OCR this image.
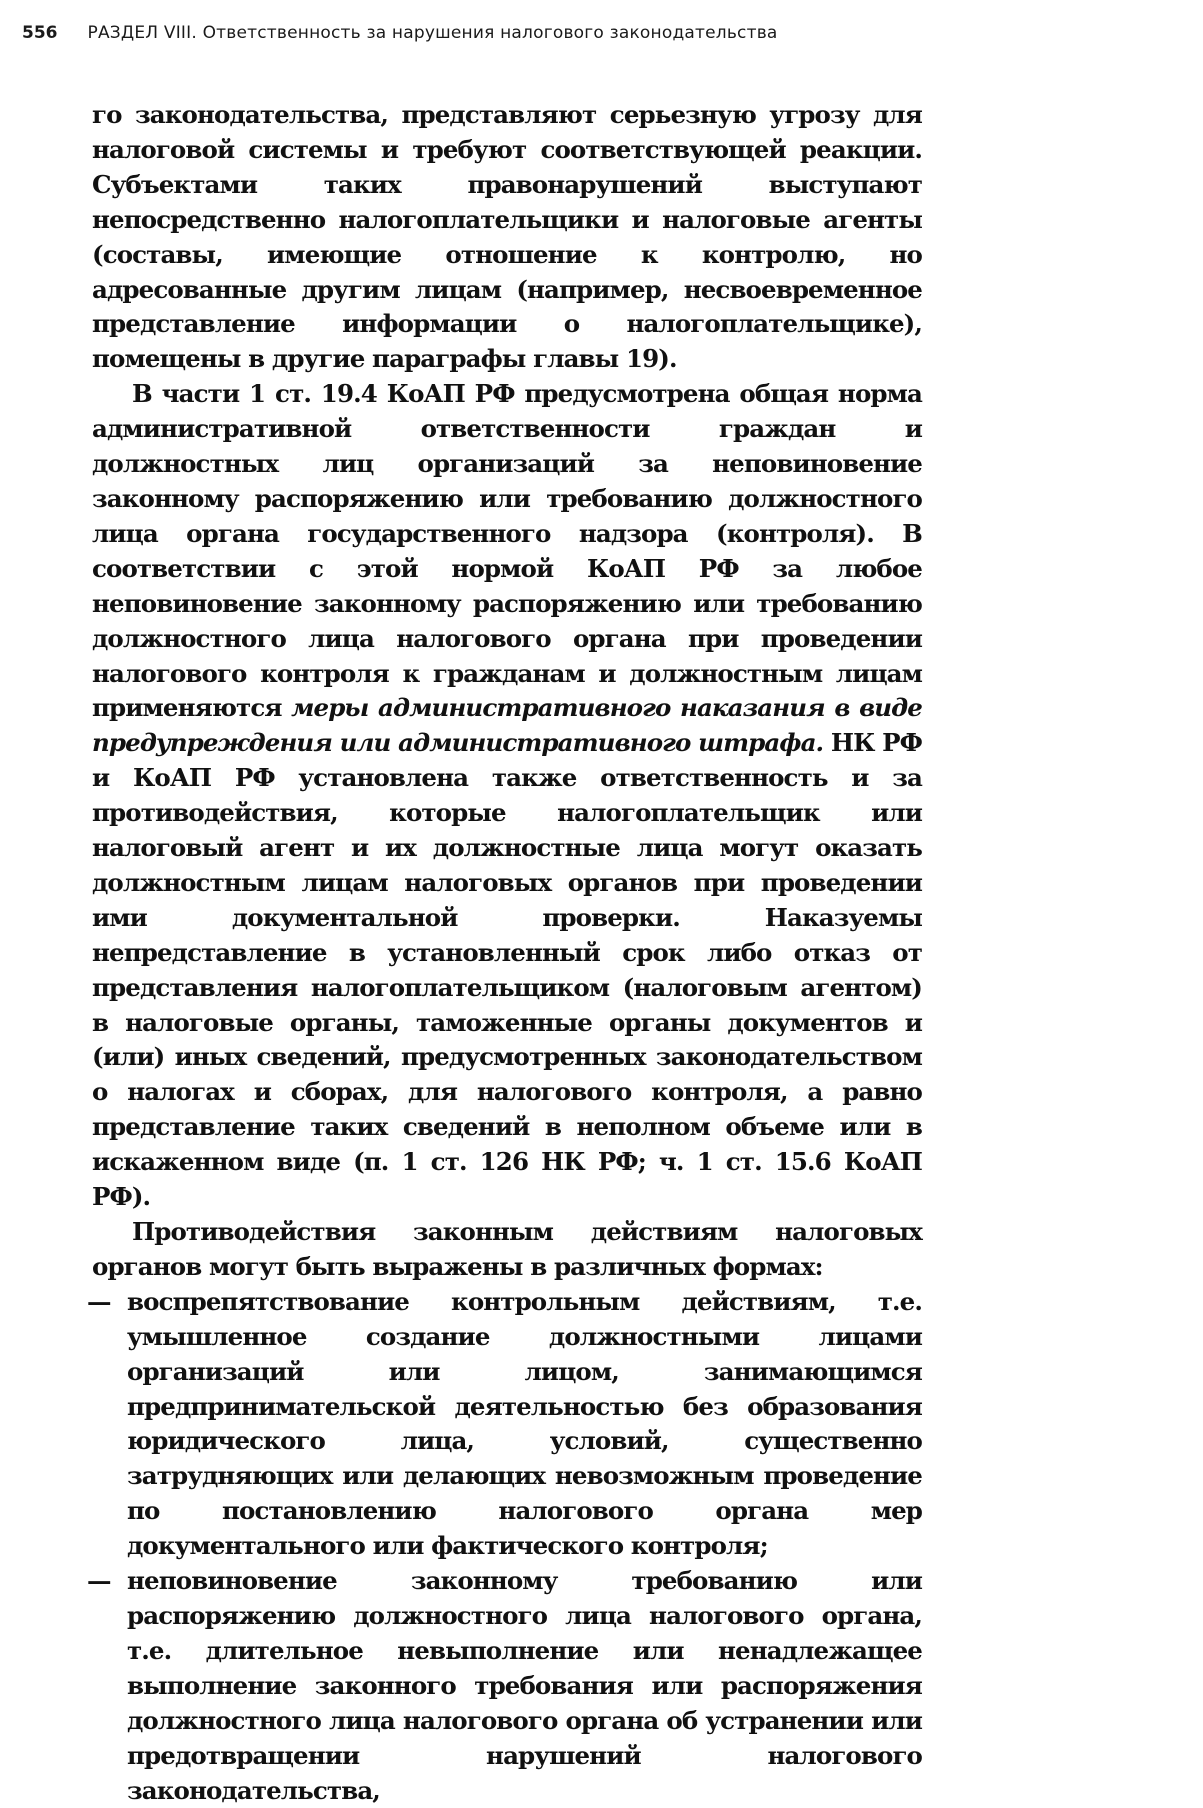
556 РАЗДЕЛ VIII. Ответственность за нарушения налогового законодательства

го законодательства, представляют серьезную угрозу для налоговой системы и требуют соответствующей реакции. Субъектами таких правонарушений выступают непосредственно налогоплательщики и налоговые агенты (составы, имеющие отношение к контролю, но адресованные другим лицам (например, несвоевременное представление информации о налогоплательщике), помещены в другие параграфы главы 19).

В части 1 ст. 19.4 КоАП РФ предусмотрена общая норма административной ответственности граждан и должностных лиц организаций за неповиновение законному распоряжению или требованию должностного лица органа государственного надзора (контроля). В соответствии с этой нормой КоАП РФ за любое неповиновение законному распоряжению или требованию должностного лица налогового органа при проведении налогового контроля к гражданам и должностным лицам применяются меры административного наказания в виде предупреждения или административного штрафа. НК РФ и КоАП РФ установлена также ответственность и за противодействия, которые налогоплательщик или налоговый агент и их должностные лица могут оказать должностным лицам налоговых органов при проведении ими документальной проверки. Наказуемы непредставление в установленный срок либо отказ от представления налогоплательщиком (налоговым агентом) в налоговые органы, таможенные органы документов и (или) иных сведений, предусмотренных законодательством о налогах и сборах, для налогового контроля, а равно представление таких сведений в неполном объеме или в искаженном виде (п. 1 ст. 126 НК РФ; ч. 1 ст. 15.6 КоАП РФ).

Противодействия законным действиям налоговых органов могут быть выражены в различных формах:

— воспрепятствование контрольным действиям, т.е. умышленное создание должностными лицами организаций или лицом, занимающимся предпринимательской деятельностью без образования юридического лица, условий, существенно затрудняющих или делающих невозможным проведение по постановлению налогового органа мер документального или фактического контроля;
— неповиновение законному требованию или распоряжению должностного лица налогового органа, т.е. длительное невыполнение или ненадлежащее выполнение законного требования или распоряжения должностного лица налогового органа об устранении или предотвращении нарушений налогового законодательства,
